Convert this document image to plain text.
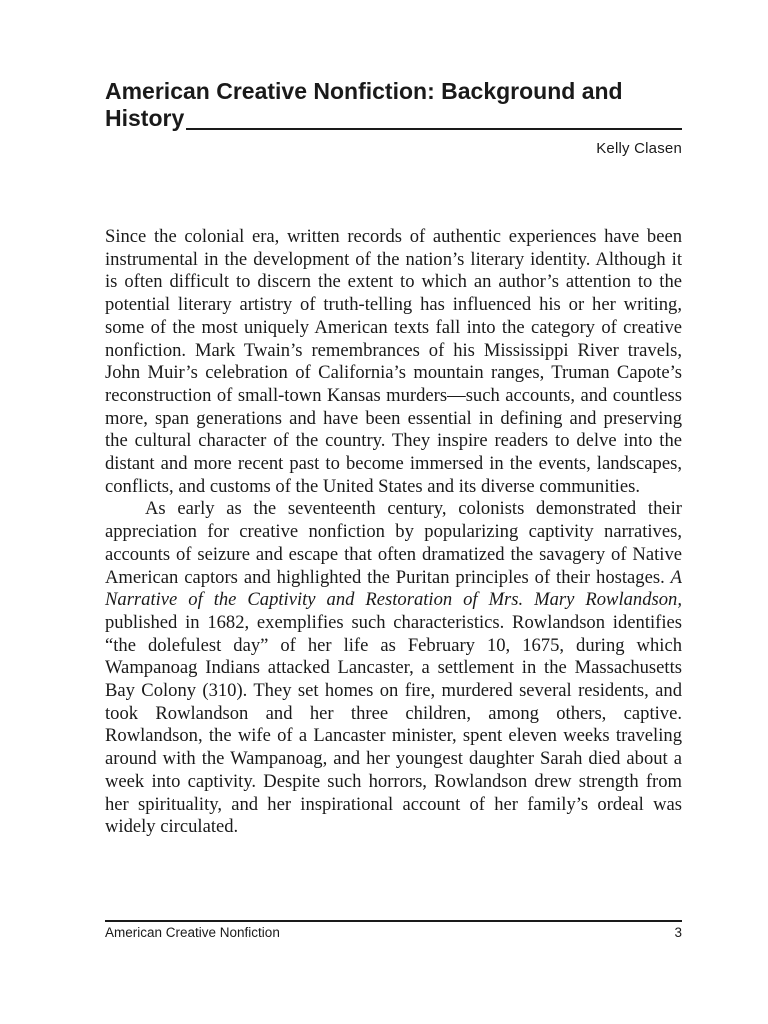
American Creative Nonfiction: Background and
History
Kelly Clasen

Since the colonial era, written records of authentic experiences have been instrumental in the development of the nation’s literary identity. Although it is often difficult to discern the extent to which an author’s attention to the potential literary artistry of truth-telling has influenced his or her writing, some of the most uniquely American texts fall into the category of creative nonfiction. Mark Twain’s remembrances of his Mississippi River travels, John Muir’s celebration of California’s mountain ranges, Truman Capote’s reconstruction of small-town Kansas murders—such accounts, and countless more, span generations and have been essential in defining and preserving the cultural character of the country. They inspire readers to delve into the distant and more recent past to become immersed in the events, landscapes, conflicts, and customs of the United States and its diverse communities.

As early as the seventeenth century, colonists demonstrated their appreciation for creative nonfiction by popularizing captivity narratives, accounts of seizure and escape that often dramatized the savagery of Native American captors and highlighted the Puritan principles of their hostages. A Narrative of the Captivity and Restoration of Mrs. Mary Rowlandson, published in 1682, exemplifies such characteristics. Rowlandson identifies “the dolefulest day” of her life as February 10, 1675, during which Wampanoag Indians attacked Lancaster, a settlement in the Massachusetts Bay Colony (310). They set homes on fire, murdered several residents, and took Rowlandson and her three children, among others, captive. Rowlandson, the wife of a Lancaster minister, spent eleven weeks traveling around with the Wampanoag, and her youngest daughter Sarah died about a week into captivity. Despite such horrors, Rowlandson drew strength from her spirituality, and her inspirational account of her family’s ordeal was widely circulated.

American Creative Nonfiction	3
